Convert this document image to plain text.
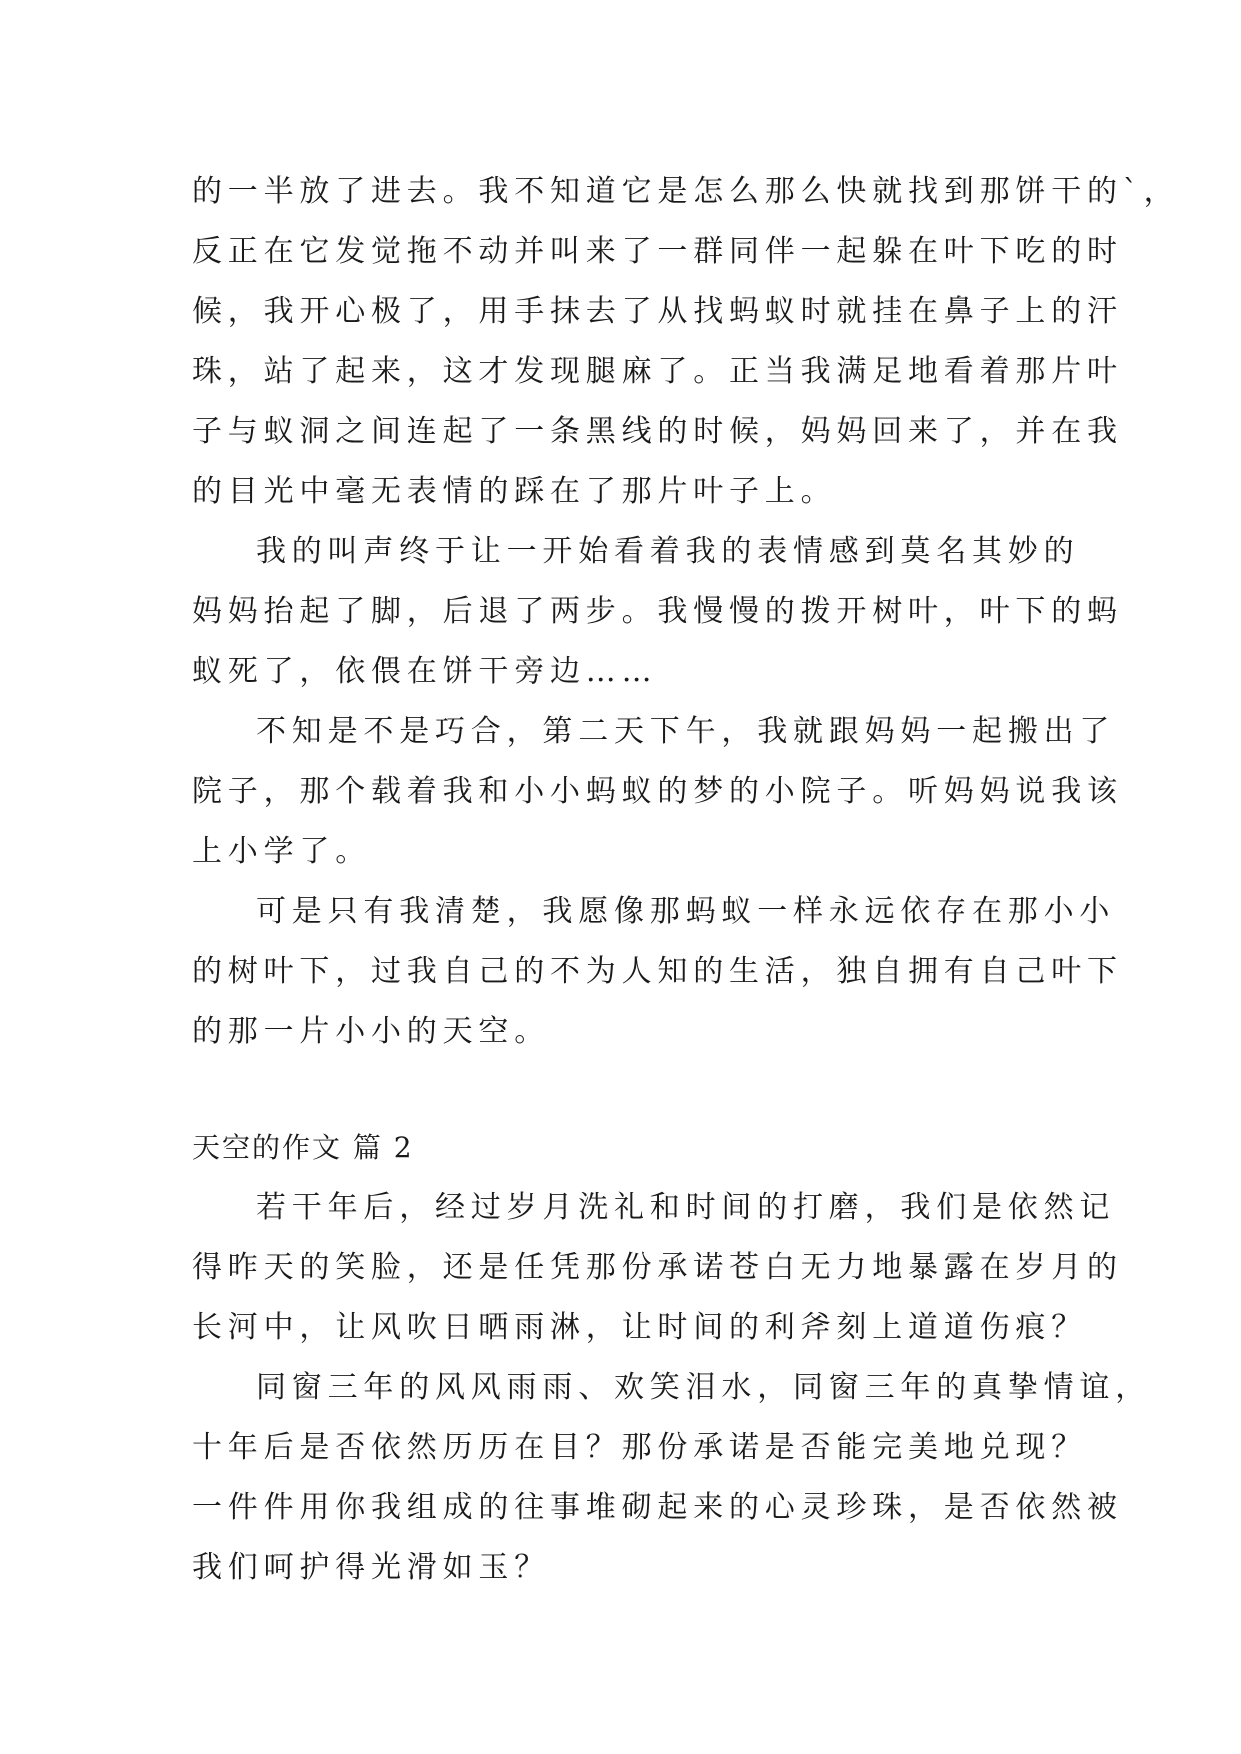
的一半放了进去。我不知道它是怎么那么快就找到那饼干的`，
反正在它发觉拖不动并叫来了一群同伴一起躲在叶下吃的时
候，我开心极了，用手抹去了从找蚂蚁时就挂在鼻子上的汗
珠，站了起来，这才发现腿麻了。正当我满足地看着那片叶
子与蚁洞之间连起了一条黑线的时候，妈妈回来了，并在我
的目光中毫无表情的踩在了那片叶子上。
我的叫声终于让一开始看着我的表情感到莫名其妙的
妈妈抬起了脚，后退了两步。我慢慢的拨开树叶，叶下的蚂
蚁死了，依偎在饼干旁边……
不知是不是巧合，第二天下午，我就跟妈妈一起搬出了
院子，那个载着我和小小蚂蚁的梦的小院子。听妈妈说我该
上小学了。
可是只有我清楚，我愿像那蚂蚁一样永远依存在那小小
的树叶下，过我自己的不为人知的生活，独自拥有自己叶下
的那一片小小的天空。
天空的作文 篇 2
若干年后，经过岁月洗礼和时间的打磨，我们是依然记
得昨天的笑脸，还是任凭那份承诺苍白无力地暴露在岁月的
长河中，让风吹日晒雨淋，让时间的利斧刻上道道伤痕？
同窗三年的风风雨雨、欢笑泪水，同窗三年的真挚情谊，
十年后是否依然历历在目？那份承诺是否能完美地兑现？
一件件用你我组成的往事堆砌起来的心灵珍珠，是否依然被
我们呵护得光滑如玉？
